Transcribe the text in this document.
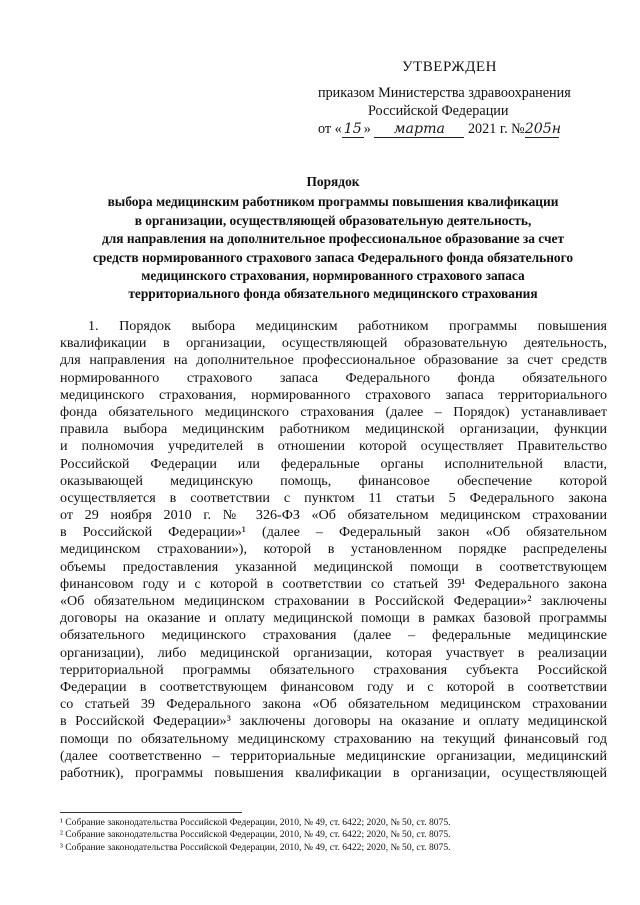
УТВЕРЖДЕН
приказом Министерства здравоохранения
Российской Федерации
от « 15 » марта 2021 г. №205н
Порядок
выбора медицинским работником программы повышения квалификации
в организации, осуществляющей образовательную деятельность,
для направления на дополнительное профессиональное образование за счет
средств нормированного страхового запаса Федерального фонда обязательного
медицинского страхования, нормированного страхового запаса
территориального фонда обязательного медицинского страхования
1. Порядок выбора медицинским работником программы повышения
квалификации в организации, осуществляющей образовательную деятельность,
для направления на дополнительное профессиональное образование за счет средств
нормированного страхового запаса Федерального фонда обязательного
медицинского страхования, нормированного страхового запаса территориального
фонда обязательного медицинского страхования (далее – Порядок) устанавливает
правила выбора медицинским работником медицинской организации, функции
и полномочия учредителей в отношении которой осуществляет Правительство
Российской Федерации или федеральные органы исполнительной власти,
оказывающей медицинскую помощь, финансовое обеспечение которой
осуществляется в соответствии с пунктом 11 статьи 5 Федерального закона
от 29 ноября 2010 г. № 326-ФЗ «Об обязательном медицинском страховании
в Российской Федерации»¹ (далее – Федеральный закон «Об обязательном
медицинском страховании»), которой в установленном порядке распределены
объемы предоставления указанной медицинской помощи в соответствующем
финансовом году и с которой в соответствии со статьей 39¹ Федерального закона
«Об обязательном медицинском страховании в Российской Федерации»² заключены
договоры на оказание и оплату медицинской помощи в рамках базовой программы
обязательного медицинского страхования (далее – федеральные медицинские
организации), либо медицинской организации, которая участвует в реализации
территориальной программы обязательного страхования субъекта Российской
Федерации в соответствующем финансовом году и с которой в соответствии
со статьей 39 Федерального закона «Об обязательном медицинском страховании
в Российской Федерации»³ заключены договоры на оказание и оплату медицинской
помощи по обязательному медицинскому страхованию на текущий финансовый год
(далее соответственно – территориальные медицинские организации, медицинский
работник), программы повышения квалификации в организации, осуществляющей
¹ Собрание законодательства Российской Федерации, 2010, № 49, ст. 6422; 2020, № 50, ст. 8075.
² Собрание законодательства Российской Федерации, 2010, № 49, ст. 6422; 2020, № 50, ст. 8075.
³ Собрание законодательства Российской Федерации, 2010, № 49, ст. 6422; 2020, № 50, ст. 8075.
